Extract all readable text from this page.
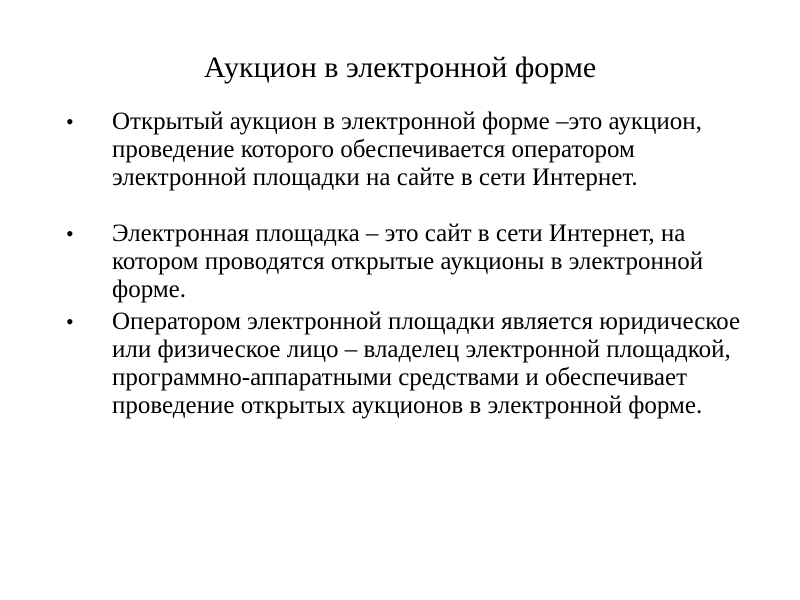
Аукцион в электронной форме
•	Открытый аукцион в электронной форме –это аукцион, проведение которого обеспечивается оператором электронной площадки на сайте в сети Интернет.
•	Электронная площадка – это сайт в сети Интернет, на котором проводятся открытые аукционы в электронной форме.
•	Оператором электронной площадки является юридическое или физическое лицо – владелец электронной площадкой, программно-аппаратными средствами и обеспечивает проведение открытых аукционов в электронной форме.
